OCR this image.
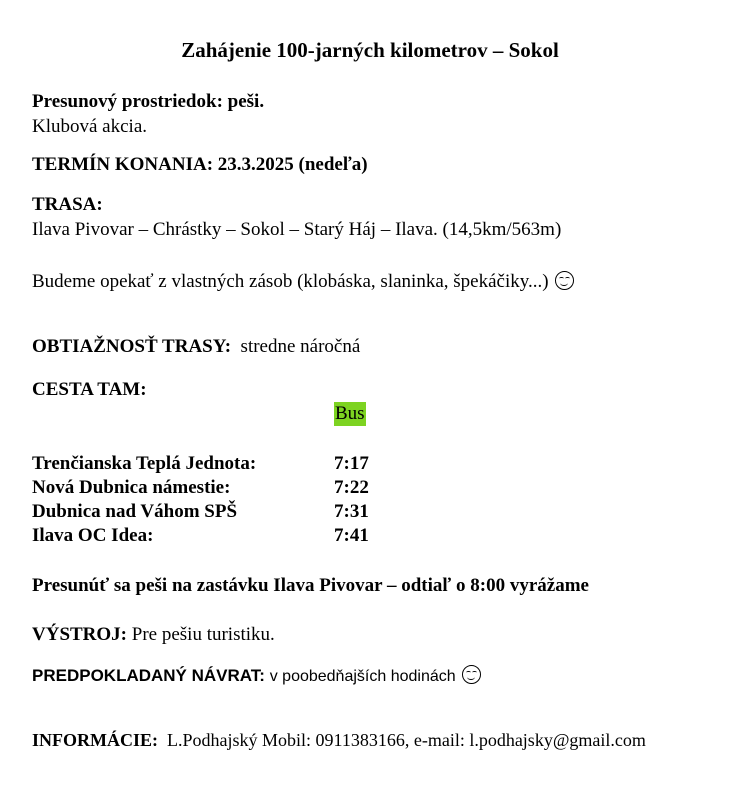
Zahájenie 100-jarných kilometrov – Sokol
Presunový prostriedok: peši.
Klubová akcia.
TERMÍN KONANIA: 23.3.2025 (nedeľa)
TRASA:
Ilava Pivovar – Chrástky – Sokol – Starý Háj – Ilava. (14,5km/563m)
Budeme opekať z vlastných zásob (klobáska, slaninka, špekáčiky...)
OBTIAŽNOSŤ TRASY: stredne náročná
CESTA TAM:
Bus
Trenčianska Teplá Jednota:	7:17
Nová Dubnica námestie:	7:22
Dubnica nad Váhom SPŠ	7:31
Ilava OC Idea:	7:41
Presunúť sa peši na zastávku Ilava Pivovar – odtiaľ o 8:00 vyrážame
VÝSTROJ: Pre pešiu turistiku.
PREDPOKLADANÝ NÁVRAT: v poobedňajších hodinách
INFORMÁCIE: L.Podhajský Mobil: 0911383166, e-mail: l.podhajsky@gmail.com
